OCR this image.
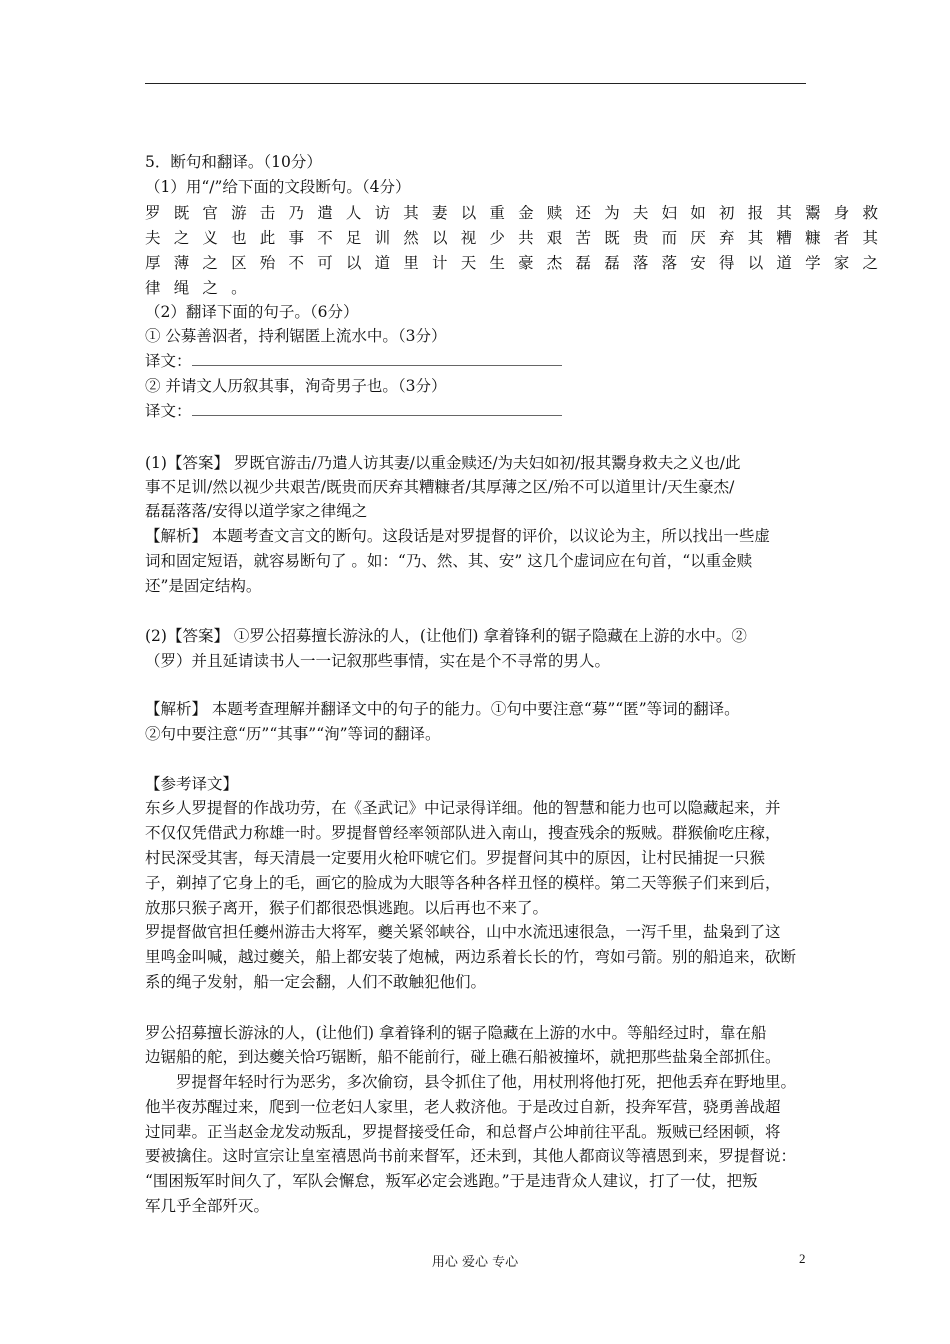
5．断句和翻译。（10分）
（1）用“/”给下面的文段断句。（4分）
罗既官游击乃遣人访其妻以重金赎还为夫妇如初报其鬻身救
夫之义也此事不足训然以视少共艰苦既贵而厌弃其糟糠者其
厚薄之区殆不可以道里计天生豪杰磊磊落落安得以道学家之
律绳之。
（2）翻译下面的句子。（6分）
① 公募善泅者，持利锯匿上流水中。（3分）
译文：
② 并请文人历叙其事，洵奇男子也。（3分）
译文：
(1)【答案】 罗既官游击/乃遣人访其妻/以重金赎还/为夫妇如初/报其鬻身救夫之义也/此
事不足训/然以视少共艰苦/既贵而厌弃其糟糠者/其厚薄之区/殆不可以道里计/天生豪杰/
磊磊落落/安得以道学家之律绳之
【解析】 本题考查文言文的断句。这段话是对罗提督的评价，以议论为主，所以找出一些虚
词和固定短语，就容易断句了 。如：“乃、然、其、安” 这几个虚词应在句首，“以重金赎
还”是固定结构。
(2)【答案】 ①罗公招募擅长游泳的人，(让他们) 拿着锋利的锯子隐藏在上游的水中。②
（罗）并且延请读书人一一记叙那些事情，实在是个不寻常的男人。
【解析】 本题考查理解并翻译文中的句子的能力。①句中要注意“募”“匿”等词的翻译。
②句中要注意“历”“其事”“洵”等词的翻译。
【参考译文】
东乡人罗提督的作战功劳，在《圣武记》中记录得详细。他的智慧和能力也可以隐藏起来，并
不仅仅凭借武力称雄一时。罗提督曾经率领部队进入南山，搜查残余的叛贼。群猴偷吃庄稼，
村民深受其害，每天清晨一定要用火枪吓唬它们。罗提督问其中的原因，让村民捕捉一只猴
子，剃掉了它身上的毛，画它的脸成为大眼等各种各样丑怪的模样。第二天等猴子们来到后，
放那只猴子离开，猴子们都很恐惧逃跑。以后再也不来了。
罗提督做官担任夔州游击大将军，夔关紧邻峡谷，山中水流迅速很急，一泻千里，盐枭到了这
里鸣金叫喊，越过夔关，船上都安装了炮械，两边系着长长的竹，弯如弓箭。别的船追来，砍断
系的绳子发射，船一定会翻，人们不敢触犯他们。
罗公招募擅长游泳的人，(让他们) 拿着锋利的锯子隐藏在上游的水中。等船经过时，靠在船
边锯船的舵，到达夔关恰巧锯断，船不能前行，碰上礁石船被撞坏，就把那些盐枭全部抓住。
　　罗提督年轻时行为恶劣，多次偷窃，县令抓住了他，用杖刑将他打死，把他丢弃在野地里。
他半夜苏醒过来，爬到一位老妇人家里，老人救济他。于是改过自新，投奔军营，骁勇善战超
过同辈。正当赵金龙发动叛乱，罗提督接受任命，和总督卢公坤前往平乱。叛贼已经困顿，将
要被擒住。这时宣宗让皇室禧恩尚书前来督军，还未到，其他人都商议等禧恩到来，罗提督说：
“围困叛军时间久了，军队会懈怠，叛军必定会逃跑。”于是违背众人建议，打了一仗，把叛
军几乎全部歼灭。
用心 爱心 专心	2
